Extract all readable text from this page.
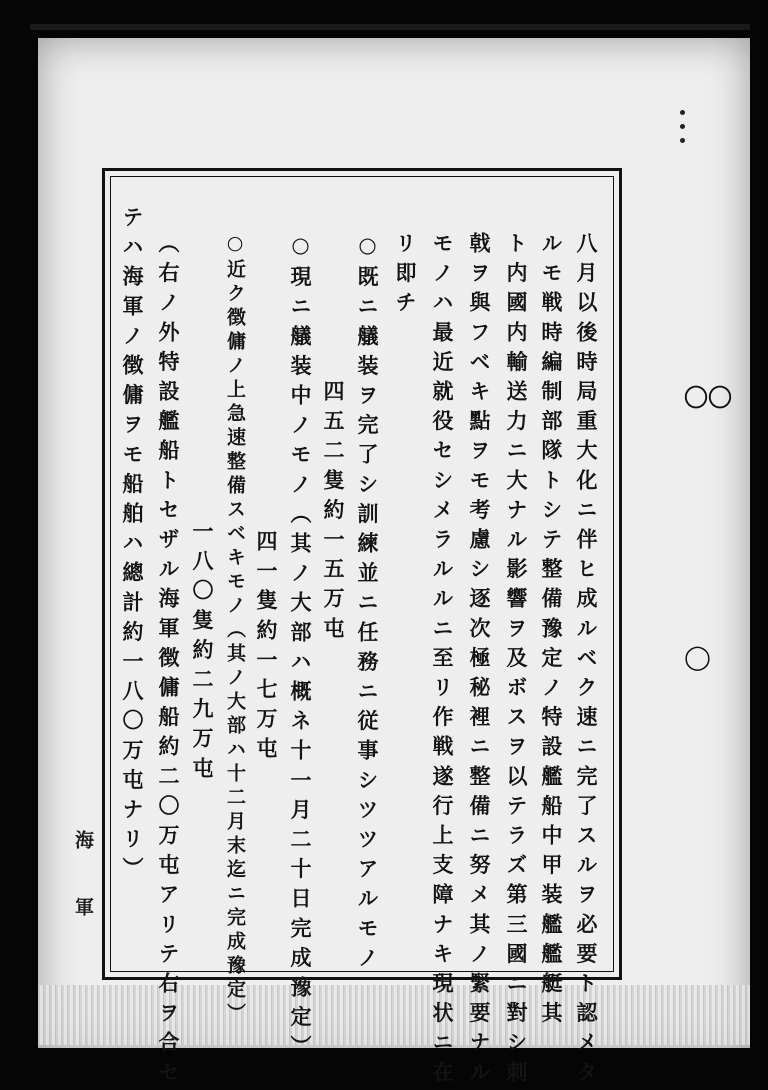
八月以後時局重大化ニ伴ヒ成ルベク速ニ完了スルヲ必要ト認メタ
ルモ戦時編制部隊トシテ整備豫定ノ特設艦船中甲装艦艦艇其
ト内國内輸送力ニ大ナル影響ヲ及ボスヲ以テラズ第三國ニ對シ刺
戟ヲ與フベキ點ヲモ考慮シ逐次極秘裡ニ整備ニ努メ其ノ緊要ナル
モノハ最近就役セシメラルルニ至リ作戦遂行上支障ナキ現状ニ在
リ即チ
○既ニ艤装ヲ完了シ訓練並ニ任務ニ従事シツツアルモノ
四五二隻約一五万屯
○現ニ艤装中ノモノ（其ノ大部ハ概ネ十一月二十日完成豫定）
四一隻約一七万屯
○近ク徴傭ノ上急速整備スベキモノ（其ノ大部ハ十二月末迄ニ完成豫定）
一八〇隻約二九万屯
（右ノ外特設艦船トセザル海軍徴傭船約二〇万屯アリテ右ヲ合セ
テハ海軍ノ徴傭ヲモ船舶ハ總計約一八〇万屯ナリ）
海軍
〇〇
◯
